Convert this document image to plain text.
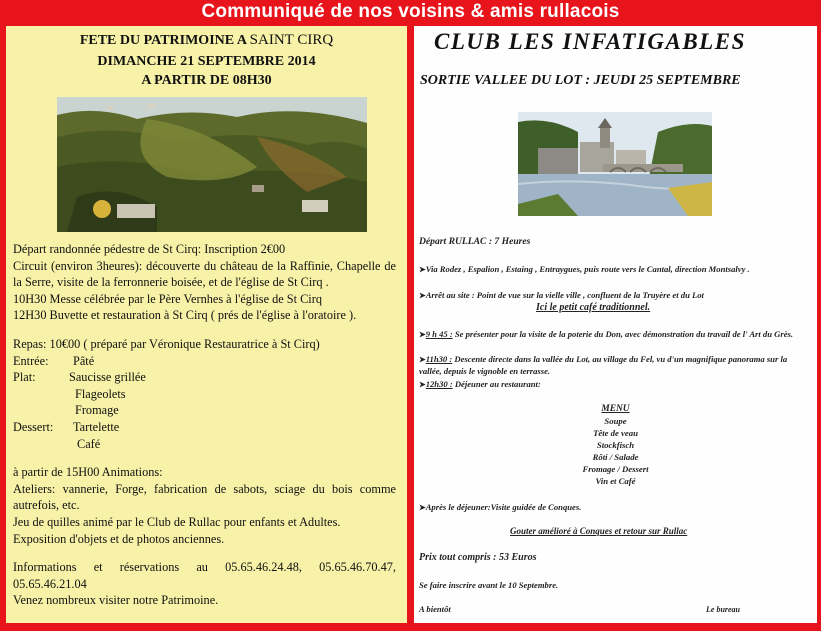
Communiqué de nos voisins & amis rullacois
FETE DU PATRIMOINE A SAINT CIRQ
DIMANCHE 21 SEPTEMBRE 2014
A PARTIR DE 08H30

Départ randonnée pédestre de St Cirq: Inscription 2€00

Circuit (environ 3heures): découverte du château de la Raffinie, Chapelle de la Serre, visite de la ferronnerie boisée, et de l'église de St Cirq .

10H30 Messe célébrée par le Père Vernhes à l'église de St Cirq

12H30 Buvette et restauration à St Cirq ( prés de l'église à l'oratoire ).

Repas: 10€00 ( préparé par Véronique Restauratrice à St Cirq)

Entrée:	Pâté
Plat:	Saucisse grillée

Flageolets

Fromage

Dessert:	Tartelette

Café

à partir de 15H00 Animations:

Ateliers: vannerie, Forge, fabrication de sabots, sciage du bois comme autrefois, etc.

Jeu de quilles animé par le Club de Rullac pour enfants et Adultes.

Exposition d'objets et de photos anciennes.

Informations et réservations au 05.65.46.24.48, 05.65.46.70.47, 05.65.46.21.04

Venez nombreux visiter notre Patrimoine.

CLUB LES INFATIGABLES
SORTIE VALLEE DU LOT : JEUDI 25 SEPTEMBRE
Départ RULLAC : 7 Heures
➤Via Rodez , Espalion , Estaing , Entraygues, puis route vers le Cantal, direction Montsalvy .
➤Arrêt au site : Point de vue sur la vielle ville , confluent de la Truyère et du Lot
Ici le petit café traditionnel.
➤9 h 45 : Se présenter pour la visite de la poterie du Don, avec démonstration du travail de l' Art du Grès.
➤11h30 : Descente directe dans la vallée du Lot, au village du Fel, vu d'un magnifique panorama sur la vallée, depuis le vignoble en terrasse.
➤12h30 : Déjeuner au restaurant:
MENU
Soupe
Tête de veau
Stockfisch
Rôti / Salade
Fromage / Dessert
Vin et Café
➤Après le déjeuner:Visite guidée de Conques.
Gouter amélioré à Conques et retour sur Rullac
Prix tout compris : 53 Euros
Se faire inscrire avant le 10 Septembre.
A bientôt	Le bureau
